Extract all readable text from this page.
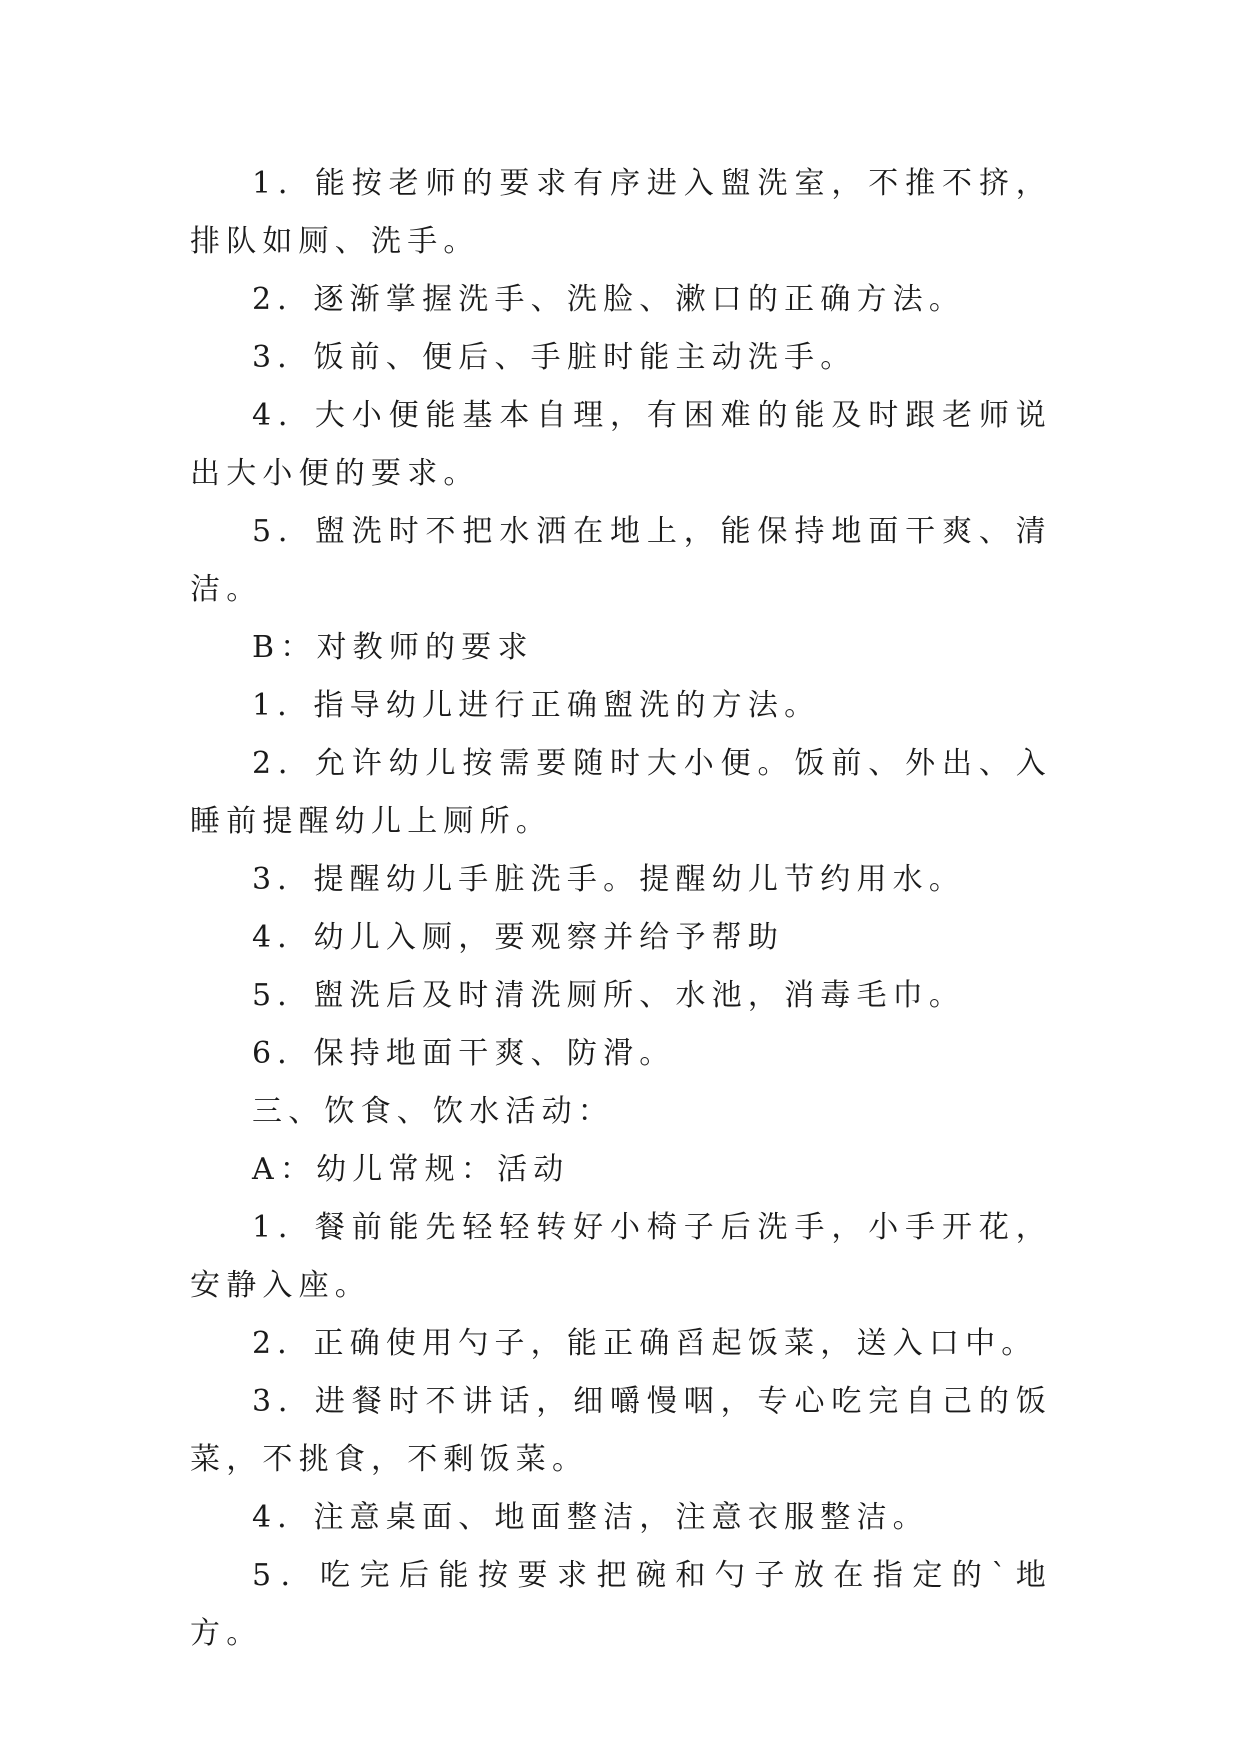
1．能按老师的要求有序进入盥洗室，不推不挤，排队如厕、洗手。

2．逐渐掌握洗手、洗脸、漱口的正确方法。

3．饭前、便后、手脏时能主动洗手。

4．大小便能基本自理，有困难的能及时跟老师说出大小便的要求。

5．盥洗时不把水洒在地上，能保持地面干爽、清洁。

B：对教师的要求

1．指导幼儿进行正确盥洗的方法。

2．允许幼儿按需要随时大小便。饭前、外出、入睡前提醒幼儿上厕所。

3．提醒幼儿手脏洗手。提醒幼儿节约用水。

4．幼儿入厕，要观察并给予帮助

5．盥洗后及时清洗厕所、水池，消毒毛巾。

6．保持地面干爽、防滑。

三、饮食、饮水活动：

A：幼儿常规：活动

1．餐前能先轻轻转好小椅子后洗手，小手开花，安静入座。

2．正确使用勺子，能正确舀起饭菜，送入口中。

3．进餐时不讲话，细嚼慢咽，专心吃完自己的饭菜，不挑食，不剩饭菜。

4．注意桌面、地面整洁，注意衣服整洁。

5．吃完后能按要求把碗和勺子放在指定的`地方。
